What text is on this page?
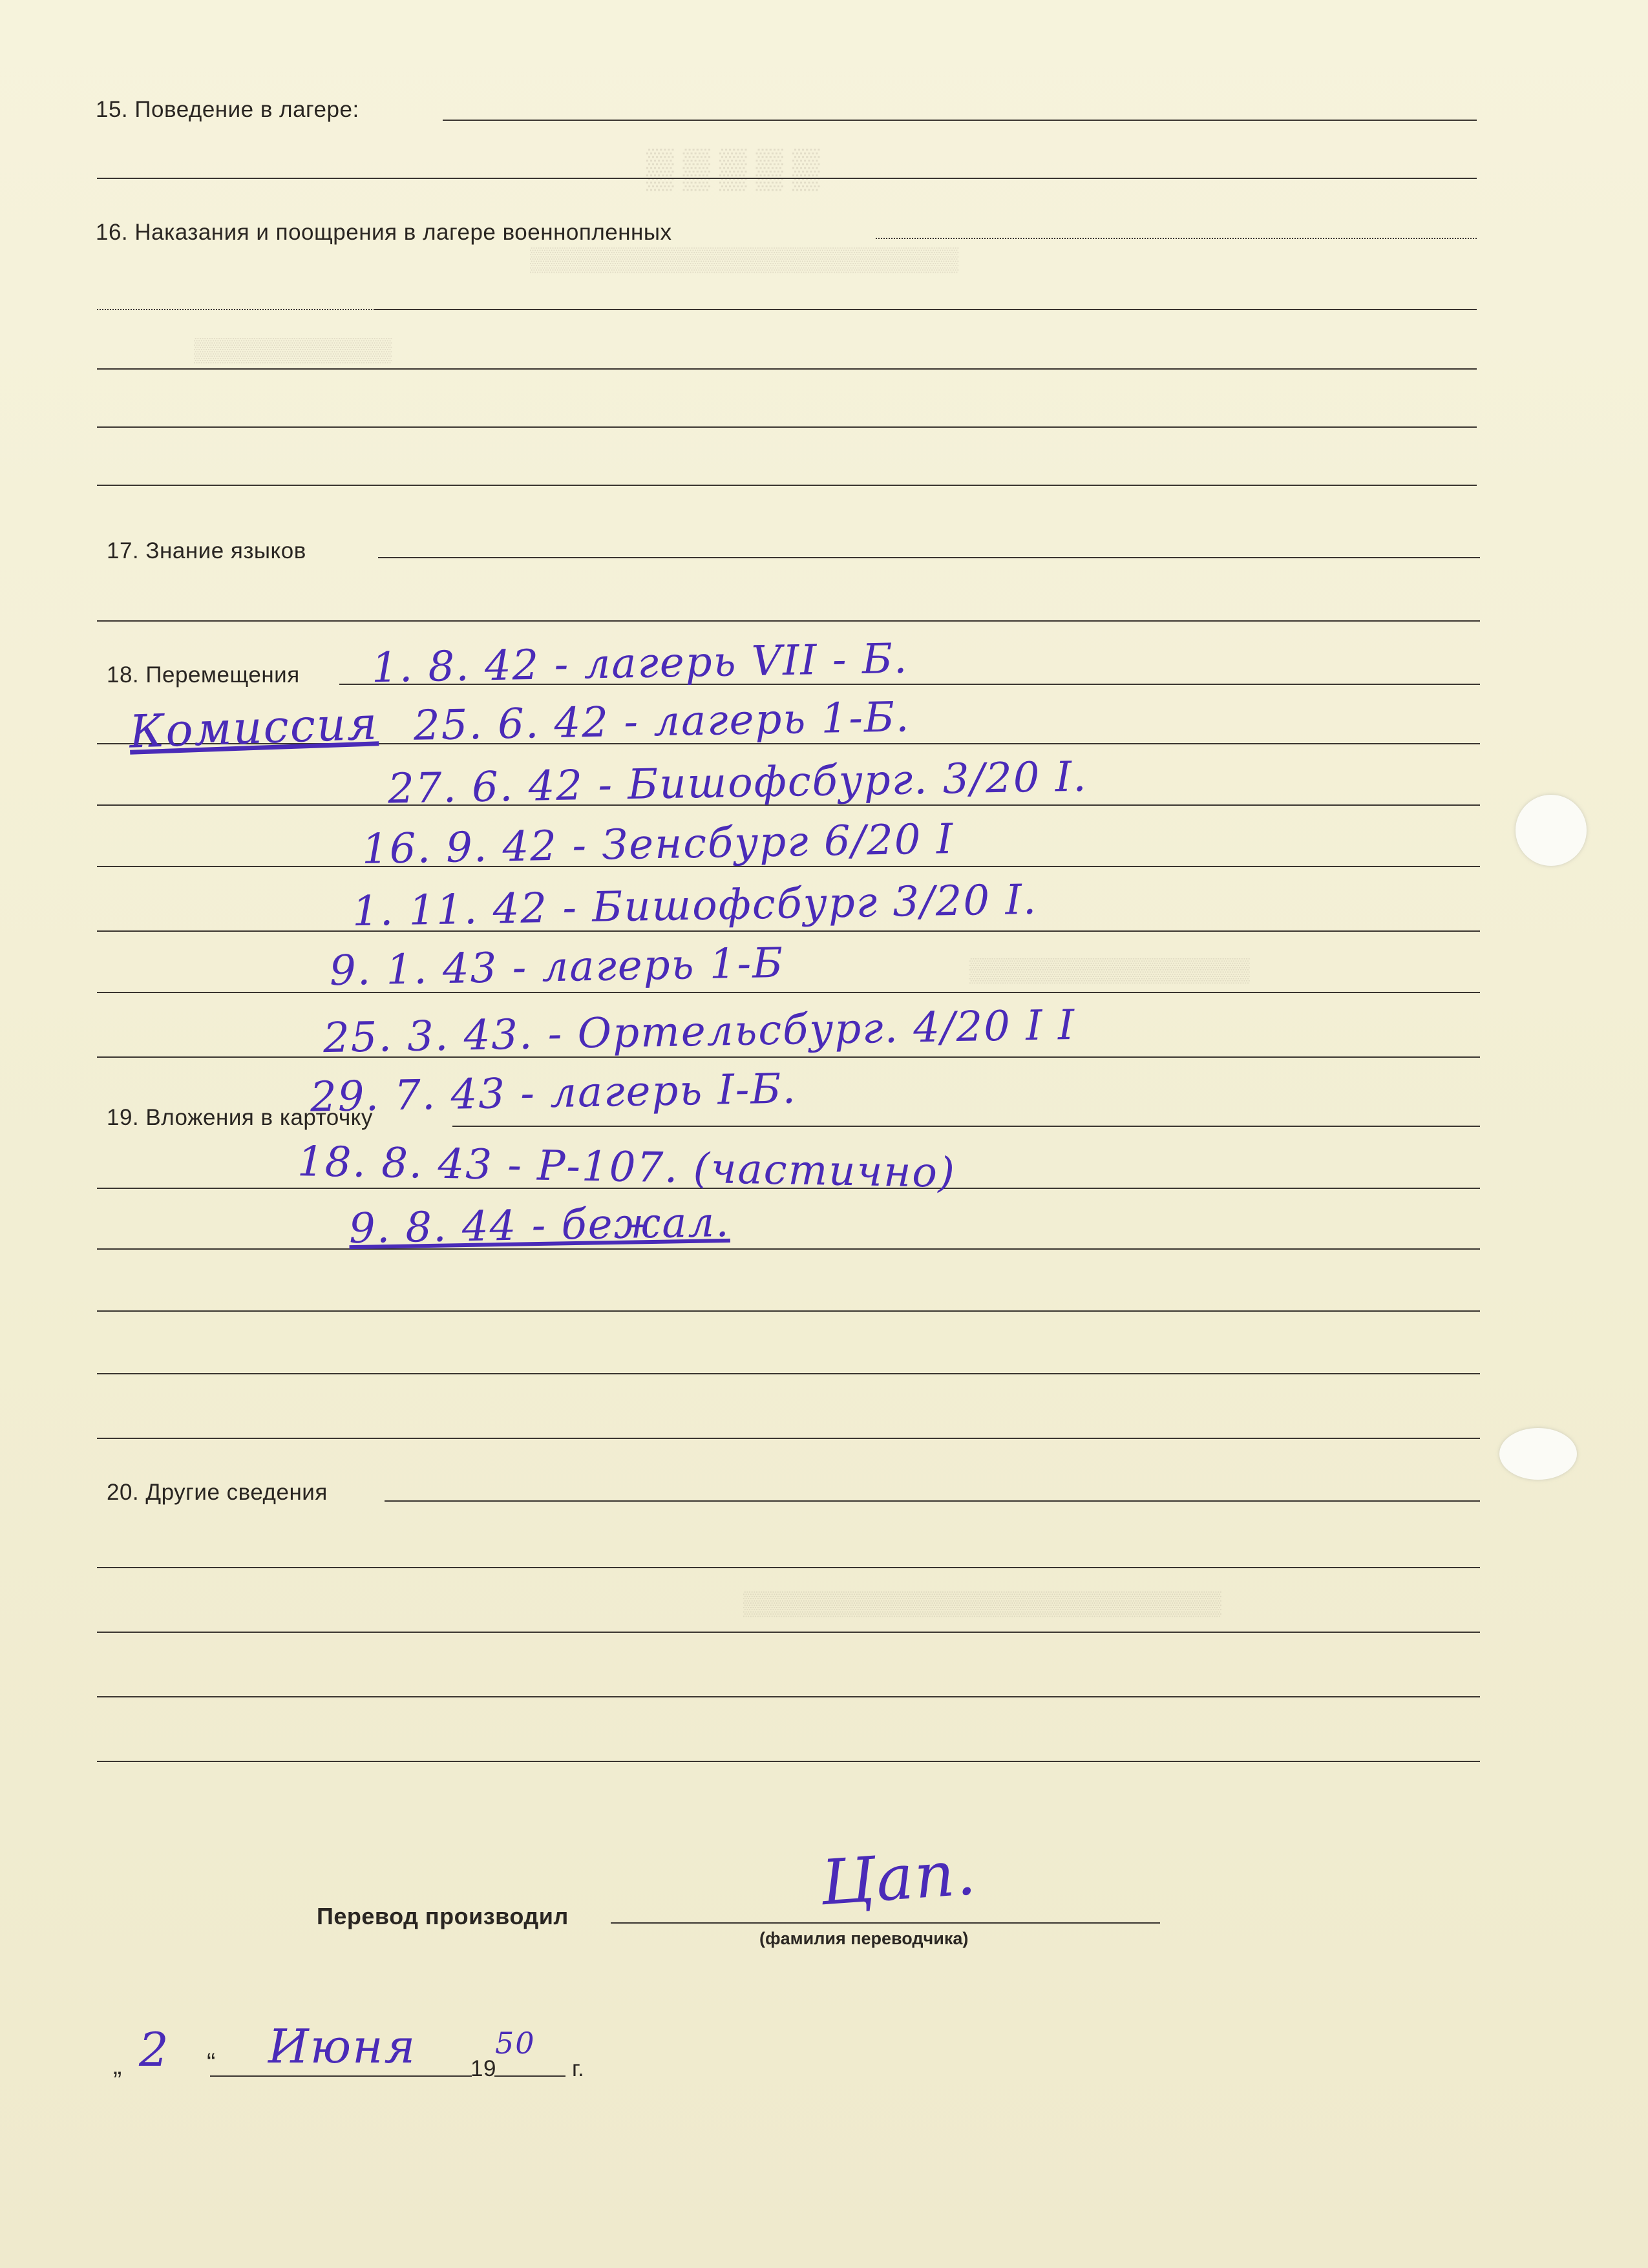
▒▒▒▒▒
▒▒▒▒▒▒▒▒▒▒▒▒▒▒▒▒▒▒▒▒▒▒▒▒▒▒
▒▒▒▒▒▒▒▒▒▒▒▒
▒▒▒▒▒▒▒▒▒▒▒▒▒▒▒▒▒
▒▒▒▒▒▒▒▒▒▒▒▒▒▒▒▒▒▒▒▒▒▒▒▒▒▒▒▒▒
15. Поведение в лагере:
16. Наказания и поощрения в лагере военнопленных
17. Знание языков
18. Перемещения
19. Вложения в карточку
20. Другие сведения
1. 8. 42 - лагерь VII - Б.
Комиссия 25. 6. 42 - лагерь 1-Б.
27. 6. 42 - Бишофсбург. 3/20 І.
16. 9. 42 - Зенсбург 6/20 І
1. 11. 42 - Бишофсбург 3/20 І.
9. 1. 43 - лагерь 1-Б
25. 3. 43. - Ортельсбург. 4/20 І І
29. 7. 43 - лагерь І-Б.
18. 8. 43 - Р-107. (частично)
9. 8. 44 - бежал.
Перевод производил
(фамилия переводчика)
Цап.
„ 2 “ Июня 19
50
г.
